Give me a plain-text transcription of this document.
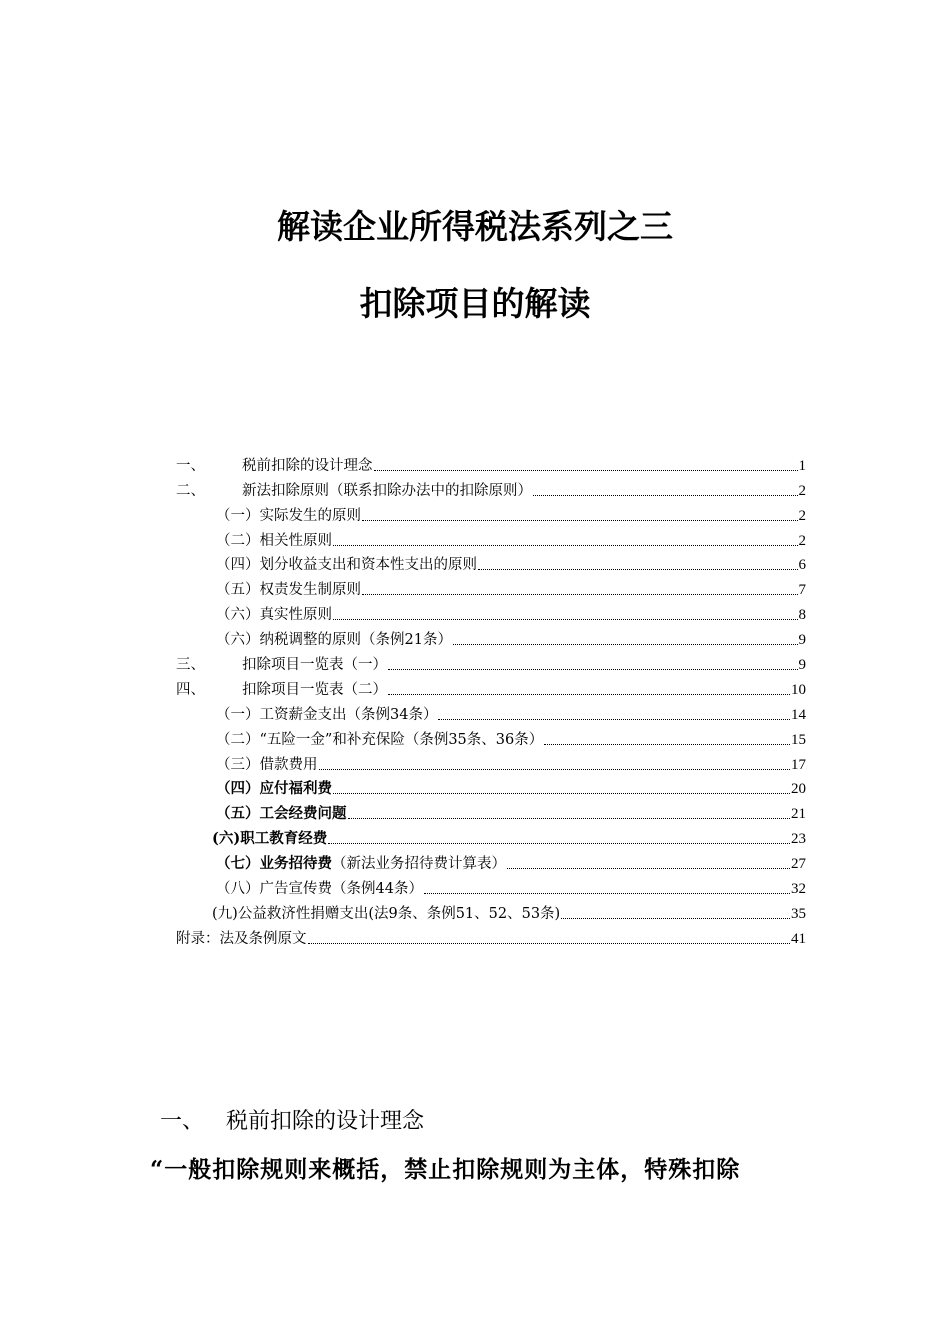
解读企业所得税法系列之三
扣除项目的解读
一、	税前扣除的设计理念	1
二、	新法扣除原则（联系扣除办法中的扣除原则）	2
（一）实际发生的原则	2
（二）相关性原则	2
（四）划分收益支出和资本性支出的原则	6
（五）权责发生制原则	7
（六）真实性原则	8
（六）纳税调整的原则（条例21条）	9
三、	扣除项目一览表（一）	9
四、	扣除项目一览表（二）	10
（一）工资薪金支出（条例34条）	14
（二）“五险一金”和补充保险（条例35条、36条）	15
（三）借款费用	17
（四）应付福利费	20
（五）工会经费问题	21
(六)职工教育经费	23
（七）业务招待费 （新法业务招待费计算表）	27
（八）广告宣传费（条例44条）	32
(九)公益救济性捐赠支出(法9条、条例51、52、53条)	35
附录：法及条例原文	41
一、 税前扣除的设计理念
“一般扣除规则来概括，禁止扣除规则为主体，特殊扣除
